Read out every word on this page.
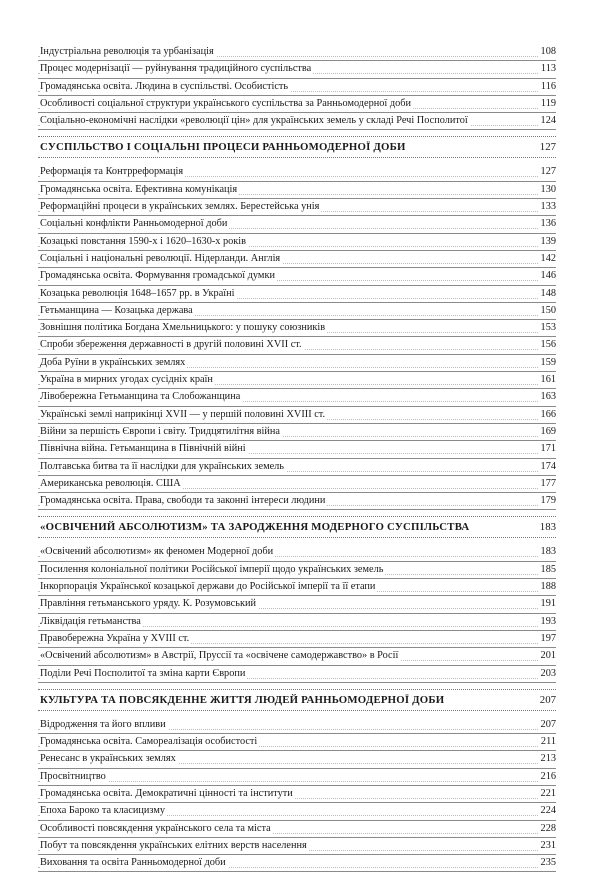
Індустріальна революція та урбанізація	108
Процес модернізації — руйнування традиційного суспільства	113
Громадянська освіта. Людина в суспільстві. Особистість	116
Особливості соціальної структури українського суспільства за Ранньомодерної доби	119
Соціально-економічні наслідки «революції цін» для українських земель у складі Речі Посполитої	124
СУСПІЛЬСТВО І СОЦІАЛЬНІ ПРОЦЕСИ РАННЬОМОДЕРНОЇ ДОБИ	127
Реформація та Контрреформація	127
Громадянська освіта. Ефективна комунікація	130
Реформаційні процеси в українських землях. Берестейська унія	133
Соціальні конфлікти Ранньомодерної доби	136
Козацькі повстання 1590-х і 1620–1630-х років	139
Соціальні і національні революції. Нідерланди. Англія	142
Громадянська освіта. Формування громадської думки	146
Козацька революція 1648–1657 рр. в Україні	148
Гетьманщина — Козацька держава	150
Зовнішня політика Богдана Хмельницького: у пошуку союзників	153
Спроби збереження державності в другій половині XVII ст.	156
Доба Руїни в українських землях	159
Україна в мирних угодах сусідніх країн	161
Лівобережна Гетьманщина та Слобожанщина	163
Українські землі наприкінці XVII — у першій половині XVIII ст.	166
Війни за першість Європи і світу. Тридцятилітня війна	169
Північна війна. Гетьманщина в Північній війні	171
Полтавська битва та її наслідки для українських земель	174
Американська революція. США	177
Громадянська освіта. Права, свободи та законні інтереси людини	179
«ОСВІЧЕНИЙ АБСОЛЮТИЗМ» ТА ЗАРОДЖЕННЯ МОДЕРНОГО СУСПІЛЬСТВА	183
«Освічений абсолютизм» як феномен Модерної доби	183
Посилення колоніальної політики Російської імперії щодо українських земель	185
Інкорпорація Української козацької держави до Російської імперії та її етапи	188
Правління гетьманського уряду. К. Розумовський	191
Ліквідація гетьманства	193
Правобережна Україна у XVIII ст.	197
«Освічений абсолютизм» в Австрії, Пруссії та «освічене самодержавство» в Росії	201
Поділи Речі Посполитої та зміна карти Європи	203
КУЛЬТУРА ТА ПОВСЯКДЕННЕ ЖИТТЯ ЛЮДЕЙ РАННЬОМОДЕРНОЇ ДОБИ	207
Відродження та його впливи	207
Громадянська освіта. Самореалізація особистості	211
Ренесанс в українських землях	213
Просвітництво	216
Громадянська освіта. Демократичні цінності та інститути	221
Епоха Бароко та класицизму	224
Особливості повсякдення українського села та міста	228
Побут та повсякдення українських елітних верств населення	231
Виховання та освіта Ранньомодерної доби	235
